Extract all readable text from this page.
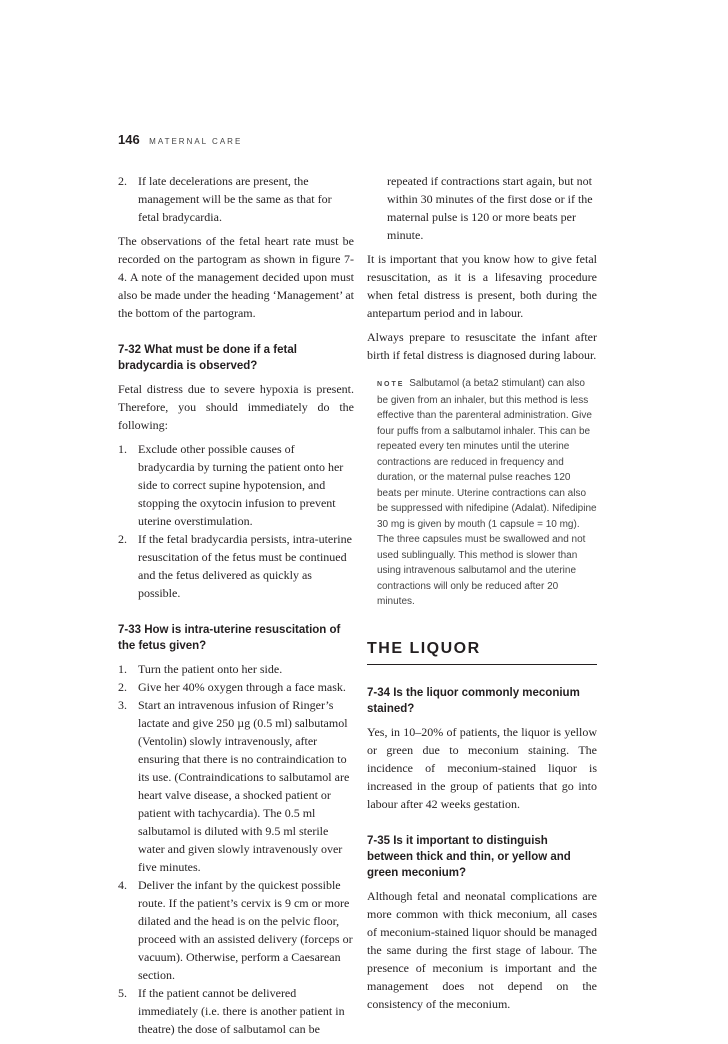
146 MATERNAL CARE
2. If late decelerations are present, the management will be the same as that for fetal bradycardia.

The observations of the fetal heart rate must be recorded on the partogram as shown in figure 7-4. A note of the management decided upon must also be made under the heading ‘Management’ at the bottom of the partogram.

7-32 What must be done if a fetal bradycardia is observed?

Fetal distress due to severe hypoxia is present. Therefore, you should immediately do the following:

1. Exclude other possible causes of bradycardia by turning the patient onto her side to correct supine hypotension, and stopping the oxytocin infusion to prevent uterine overstimulation.
2. If the fetal bradycardia persists, intra-uterine resuscitation of the fetus must be continued and the fetus delivered as quickly as possible.
7-33 How is intra-uterine resuscitation of the fetus given?
1. Turn the patient onto her side.
2. Give her 40% oxygen through a face mask.
3. Start an intravenous infusion of Ringer’s lactate and give 250 µg (0.5 ml) salbutamol (Ventolin) slowly intravenously, after ensuring that there is no contraindication to its use. (Contraindications to salbutamol are heart valve disease, a shocked patient or patient with tachycardia). The 0.5 ml salbutamol is diluted with 9.5 ml sterile water and given slowly intravenously over five minutes.
4. Deliver the infant by the quickest possible route. If the patient’s cervix is 9 cm or more dilated and the head is on the pelvic floor, proceed with an assisted delivery (forceps or vacuum). Otherwise, perform a Caesarean section.
5. If the patient cannot be delivered immediately (i.e. there is another patient in theatre) the dose of salbutamol can be

repeated if contractions start again, but not within 30 minutes of the first dose or if the maternal pulse is 120 or more beats per minute.

It is important that you know how to give fetal resuscitation, as it is a lifesaving procedure when fetal distress is present, both during the antepartum period and in labour.

Always prepare to resuscitate the infant after birth if fetal distress is diagnosed during labour.

NOTE Salbutamol (a beta2 stimulant) can also be given from an inhaler, but this method is less effective than the parenteral administration. Give four puffs from a salbutamol inhaler. This can be repeated every ten minutes until the uterine contractions are reduced in frequency and duration, or the maternal pulse reaches 120 beats per minute. Uterine contractions can also be suppressed with nifedipine (Adalat). Nifedipine 30 mg is given by mouth (1 capsule = 10 mg). The three capsules must be swallowed and not used sublingually. This method is slower than using intravenous salbutamol and the uterine contractions will only be reduced after 20 minutes.
THE LIQUOR
7-34 Is the liquor commonly meconium stained?

Yes, in 10–20% of patients, the liquor is yellow or green due to meconium staining. The incidence of meconium-stained liquor is increased in the group of patients that go into labour after 42 weeks gestation.

7-35 Is it important to distinguish between thick and thin, or yellow and green meconium?

Although fetal and neonatal complications are more common with thick meconium, all cases of meconium-stained liquor should be managed the same during the first stage of labour. The presence of meconium is important and the management does not depend on the consistency of the meconium.
